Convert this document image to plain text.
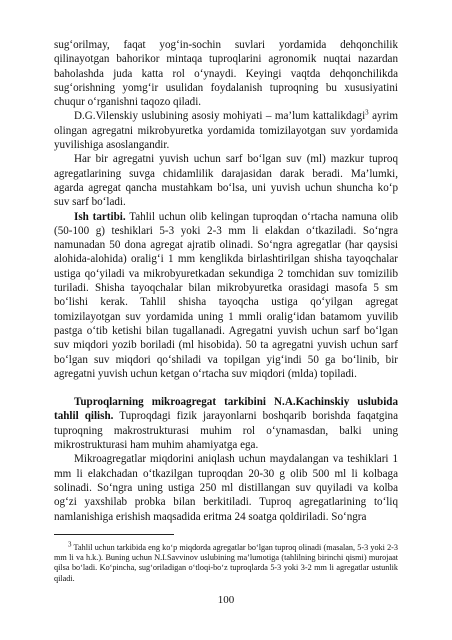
sug‘orilmay, faqat yog‘in-sochin suvlari yordamida dehqonchilik qilinayotgan bahorikor mintaqa tuproqlarini agronomik nuqtai nazardan baholashda juda katta rol o‘ynaydi. Keyingi vaqtda dehqonchilikda sug‘orishning yomg‘ir usulidan foydalanish tuproqning bu xususiyatini chuqur o‘rganishni taqozo qiladi.

D.G.Vilenskiy uslubining asosiy mohiyati – ma’lum kattalikdagi$^3$ ayrim olingan agregatni mikrobyuretka yordamida tomizilayotgan suv yordamida yuvilishiga asoslangandir.

Har bir agregatni yuvish uchun sarf bo‘lgan suv (ml) mazkur tuproq agregatlarining suvga chidamlilik darajasidan darak beradi. Ma’lumki, agarda agregat qancha mustahkam bo‘lsa, uni yuvish uchun shuncha ko‘p suv sarf bo‘ladi.

Ish tartibi. Tahlil uchun olib kelingan tuproqdan o‘rtacha namuna olib (50-100 g) teshiklari 5-3 yoki 2-3 mm li elakdan o‘tkaziladi. So‘ngra namunadan 50 dona agregat ajratib olinadi. So‘ngra agregatlar (har qaysisi alohida-alohida) oralig‘i 1 mm kenglikda birlashtirilgan shisha tayoqchalar ustiga qo‘yiladi va mikrobyuretkadan sekundiga 2 tomchidan suv tomizilib turiladi. Shisha tayoqchalar bilan mikrobyuretka orasidagi masofa 5 sm bo‘lishi kerak. Tahlil shisha tayoqcha ustiga qo‘yilgan agregat tomizilayotgan suv yordamida uning 1 mmli oralig‘idan batamom yuvilib pastga o‘tib ketishi bilan tugallanadi. Agregatni yuvish uchun sarf bo‘lgan suv miqdori yozib boriladi (ml hisobida). 50 ta agregatni yuvish uchun sarf bo‘lgan suv miqdori qo‘shiladi va topilgan yig‘indi 50 ga bo‘linib, bir agregatni yuvish uchun ketgan o‘rtacha suv miqdori (mlda) topiladi.

Tuproqlarning mikroagregat tarkibini N.A.Kachinskiy uslubida tahlil qilish. Tuproqdagi fizik jarayonlarni boshqarib borishda faqatgina tuproqning makrostrukturasi muhim rol o‘ynamasdan, balki uning mikrostrukturasi ham muhim ahamiyatga ega.

Mikroagregatlar miqdorini aniqlash uchun maydalangan va teshiklari 1 mm li elakchadan o‘tkazilgan tuproqdan 20-30 g olib 500 ml li kolbaga solinadi. So‘ngra uning ustiga 250 ml distillangan suv quyiladi va kolba og‘zi yaxshilab probka bilan berkitiladi. Tuproq agregatlarining to‘liq namlanishiga erishish maqsadida eritma 24 soatga qoldiriladi. So‘ngra

$^3$ Tahlil uchun tarkibida eng ko‘p miqdorda agregatlar bo‘lgan tuproq olinadi (masalan, 5-3 yoki 2-3 mm li va h.k.). Buning uchun N.I.Savvinov uslubining ma’lumotiga (tahlilning birinchi qismi) murojaat qilsa bo‘ladi. Ko‘pincha, sug‘oriladigan o‘tloqi-bo‘z tuproqlarda 5-3 yoki 3-2 mm li agregatlar ustunlik qiladi.

100
